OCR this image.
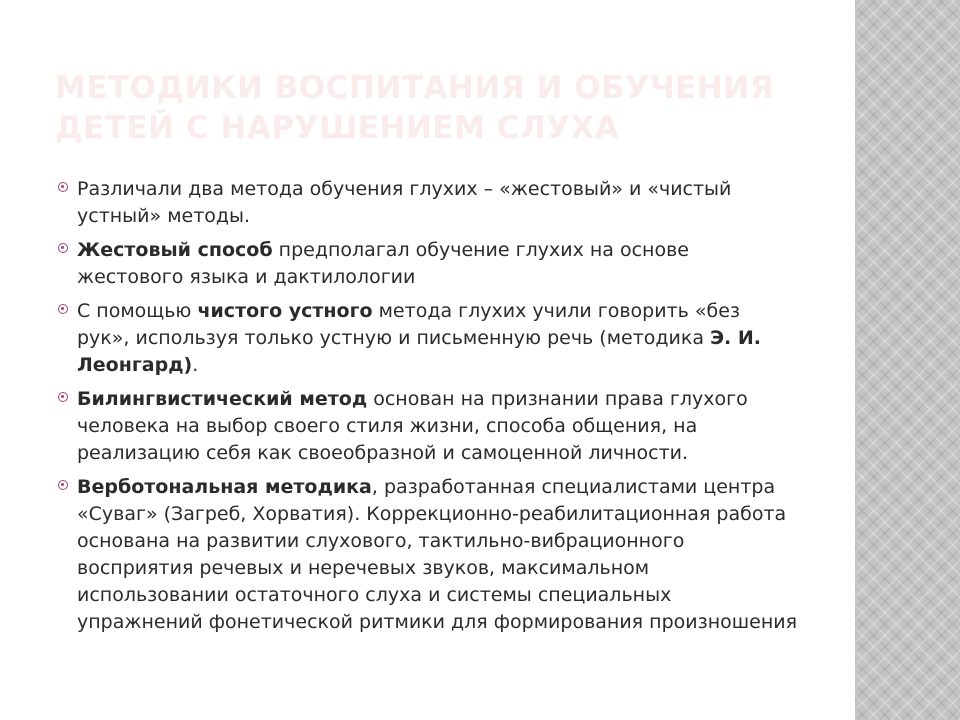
МЕТОДИКИ ВОСПИТАНИЯ И ОБУЧЕНИЯ
ДЕТЕЙ С НАРУШЕНИЕМ СЛУХА
Различали два метода обучения глухих – «жестовый» и «чистый устный» методы.
Жестовый способ предполагал обучение глухих на основе жестового языка и дактилологии
С помощью чистого устного метода глухих учили говорить «без рук», используя только устную и письменную речь (методика Э. И. Леонгард).
Билингвистический метод основан на признании права глухого человека на выбор своего стиля жизни, способа общения, на реализацию себя как своеобразной и самоценной личности.
Верботональная методика, разработанная специалистами центра «Суваг» (Загреб, Хорватия). Коррекционно-реабилитационная работа основана на развитии слухового, тактильно-вибрационного восприятия речевых и неречевых звуков, максимальном использовании остаточного слуха и системы специальных упражнений фонетической ритмики для формирования произношения
